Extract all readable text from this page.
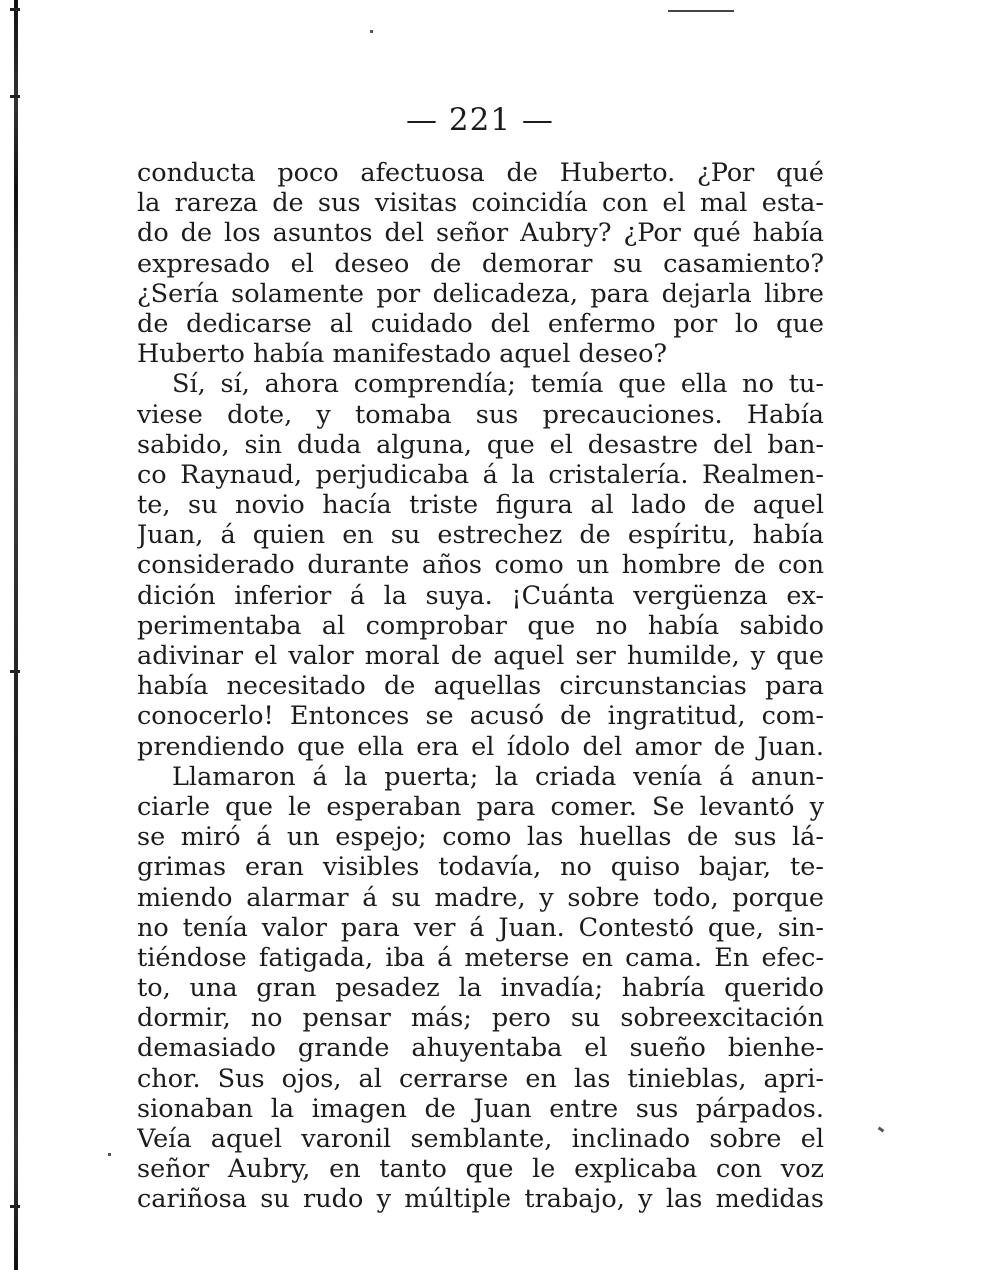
— 221 —
conducta poco afectuosa de Huberto. ¿Por qué
la rareza de sus visitas coincidía con el mal esta-
do de los asuntos del señor Aubry? ¿Por qué había
expresado el deseo de demorar su casamiento?
¿Sería solamente por delicadeza, para dejarla libre
de dedicarse al cuidado del enfermo por lo que
Huberto había manifestado aquel deseo?
Sí, sí, ahora comprendía; temía que ella no tu-
viese dote, y tomaba sus precauciones. Había
sabido, sin duda alguna, que el desastre del ban-
co Raynaud, perjudicaba á la cristalería. Realmen-
te, su novio hacía triste figura al lado de aquel
Juan, á quien en su estrechez de espíritu, había
considerado durante años como un hombre de con
dición inferior á la suya. ¡Cuánta vergüenza ex-
perimentaba al comprobar que no había sabido
adivinar el valor moral de aquel ser humilde, y que
había necesitado de aquellas circunstancias para
conocerlo! Entonces se acusó de ingratitud, com-
prendiendo que ella era el ídolo del amor de Juan.
Llamaron á la puerta; la criada venía á anun-
ciarle que le esperaban para comer. Se levantó y
se miró á un espejo; como las huellas de sus lá-
grimas eran visibles todavía, no quiso bajar, te-
miendo alarmar á su madre, y sobre todo, porque
no tenía valor para ver á Juan. Contestó que, sin-
tiéndose fatigada, iba á meterse en cama. En efec-
to, una gran pesadez la invadía; habría querido
dormir, no pensar más; pero su sobreexcitación
demasiado grande ahuyentaba el sueño bienhe-
chor. Sus ojos, al cerrarse en las tinieblas, apri-
sionaban la imagen de Juan entre sus párpados.
Veía aquel varonil semblante, inclinado sobre el
señor Aubry, en tanto que le explicaba con voz
cariñosa su rudo y múltiple trabajo, y las medidas
